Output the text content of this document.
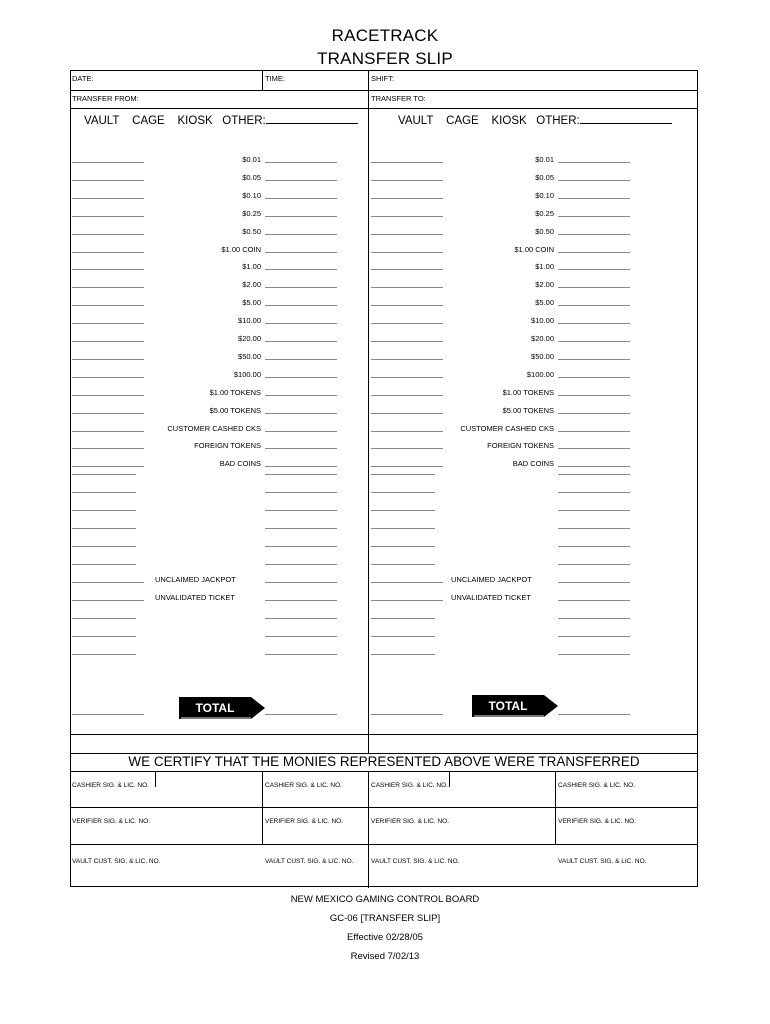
RACETRACK
TRANSFER SLIP
DATE:	TIME:	SHIFT:
TRANSFER FROM:	TRANSFER TO:
VAULT CAGE KIOSK OTHER:	VAULT CAGE KIOSK OTHER:
$0.01	$0.01
$0.05	$0.05
$0.10	$0.10
$0.25	$0.25
$0.50	$0.50
$1.00 COIN	$1.00 COIN
$1.00	$1.00
$2.00	$2.00
$5.00	$5.00
$10.00	$10.00
$20.00	$20.00
$50.00	$50.00
$100.00	$100.00
$1.00 TOKENS	$1.00 TOKENS
$5.00 TOKENS	$5.00 TOKENS
CUSTOMER CASHED CKS	CUSTOMER CASHED CKS
FOREIGN TOKENS	FOREIGN TOKENS
BAD COINS	BAD COINS
UNCLAIMED JACKPOT	UNCLAIMED JACKPOT
UNVALIDATED TICKET	UNVALIDATED TICKET
TOTAL	TOTAL
WE CERTIFY THAT THE MONIES REPRESENTED ABOVE WERE TRANSFERRED
CASHIER SIG. & LIC. NO.	CASHIER SIG. & LIC. NO.	CASHIER SIG. & LIC. NO.	CASHIER SIG. & LIC. NO.
VERIFIER SIG. & LIC. NO.	VERIFIER SIG. & LIC. NO.	VERIFIER SIG. & LIC. NO.	VERIFIER SIG. & LIC. NO.
VAULT CUST. SIG. & LIC. NO.	VAULT CUST. SIG. & LIC. NO.	VAULT CUST. SIG. & LIC. NO.	VAULT CUST. SIG. & LIC. NO.
NEW MEXICO GAMING CONTROL BOARD
GC-06 [TRANSFER SLIP]
Effective 02/28/05
Revised 7/02/13
